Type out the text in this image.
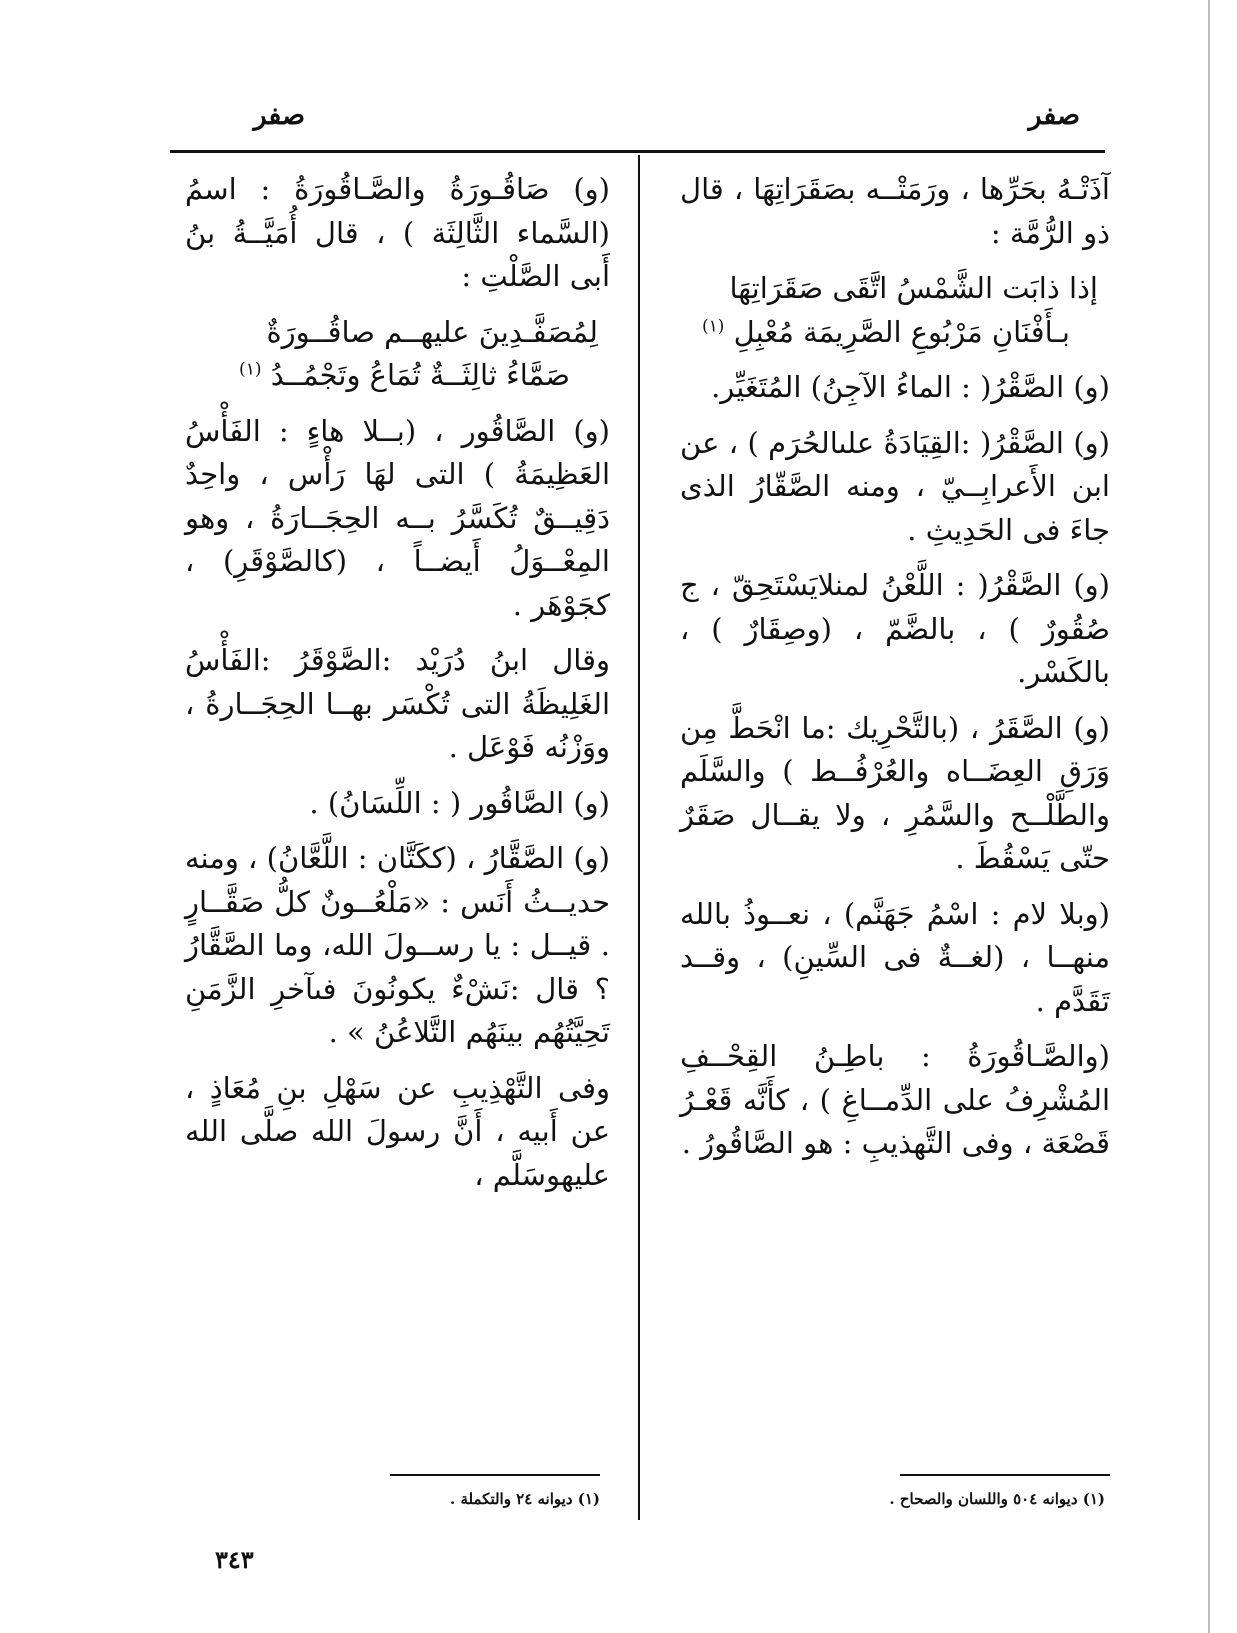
صفر
صفر

آذَتْـهُ بحَرِّها ، ورَمَتْــه بصَقَرَاتِهَا ، قال ذو الرُّمَّة :

إذا ذابَت الشَّمْسُ اتَّقَى صَقَرَاتِهَا

بـأَفْنَانِ مَرْبُوعِ الصَّرِيمَة مُعْبِلِ $^{(١)}$

(و) الصَّقْرُ( : الماءُ الآجِنُ) المُتَغَيِّر.

(و) الصَّقْرُ( :القِيَادَةُ علىالحُرَم ) ، عن ابن الأَعرابِــيّ ، ومنه الصَّقّارُ الذى جاءَ فى الحَدِيثِ .

(و) الصَّقْرُ( : اللَّعْنُ لمنلايَسْتَحِقّ ، ج صُقُورٌ ) ، بالضَّمّ ، (وصِقَارٌ ) ، بالكَسْر.

(و) الصَّقَرُ ، (بالتَّحْرِيك :ما انْحَطَّ مِن وَرَقِ العِضَــاه والعُرْفُــط ) والسَّلَم والطَّلْــح والسَّمُرِ ، ولا يقــال صَقَرٌ حتّى يَسْقُطَ .

(وبلا لام : اسْمُ جَهَنَّم) ، نعــوذُ بالله منهــا ، (لغــةٌ فى السِّينِ) ، وقــد تَقَدَّم .

(والصَّـاقُورَةُ : باطِـنُ القِحْــفِ المُشْرِفُ على الدِّمــاغِ ) ، كأَنَّه قَعْـرُ قَصْعَة ، وفى التَّهذيبِ : هو الصَّاقُورُ .

(و) صَاقُـورَةُ والصَّـاقُورَةُ : اسمُ (السَّماء الثَّالِثَة ) ، قال أُمَيَّــةُ بنُ أَبى الصَّلْتِ :

لِمُصَفَّـدِينَ عليهــم صاقُــورَةٌ

صَمَّاءُ ثالِثَــةٌ تُمَاعُ وتَجْمُــدُ $^{(١)}$

(و) الصَّاقُور ، (بــلا هاءٍ : الفَأْسُ العَظِيمَةُ ) التى لهَا رَأْس ، واحِدٌ دَقِيــقٌ تُكَسَّرُ بــه الحِجَــارَةُ ، وهو المِعْــوَلُ أَيضــاً ، (كالصَّوْقَرِ) ، كجَوْهَر .

وقال ابنُ دُرَيْد :الصَّوْقَرُ :الفَأْسُ الغَلِيظَةُ التى تُكْسَر بهــا الحِجَــارةُ ، ووَزْنُه فَوْعَل .

(و) الصَّاقُور ( : اللِّسَانُ) .

(و) الصَّقَّارُ ، (ككَتَّان : اللَّعَّانُ) ، ومنه حديــثُ أَنَس : «مَلْعُــونٌ كلُّ صَقَّــارٍ . قيــل : يا رســولَ الله، وما الصَّقَّارُ ؟ قال :نَشْءٌ يكونُونَ فىآخرِ الزَّمَنِ تَحِيَّتُهُم بينَهُم التَّلاعُنُ » .

وفى التَّهْذِيبِ عن سَهْلِ بنِ مُعَاذٍ ، عن أَبيه ، أَنَّ رسولَ الله صلَّى الله عليهوسَلَّم ،

(١) ديوانه ٥٠٤ واللسان والصحاح .
(١) ديوانه ٢٤ والتكملة .
٣٤٣
